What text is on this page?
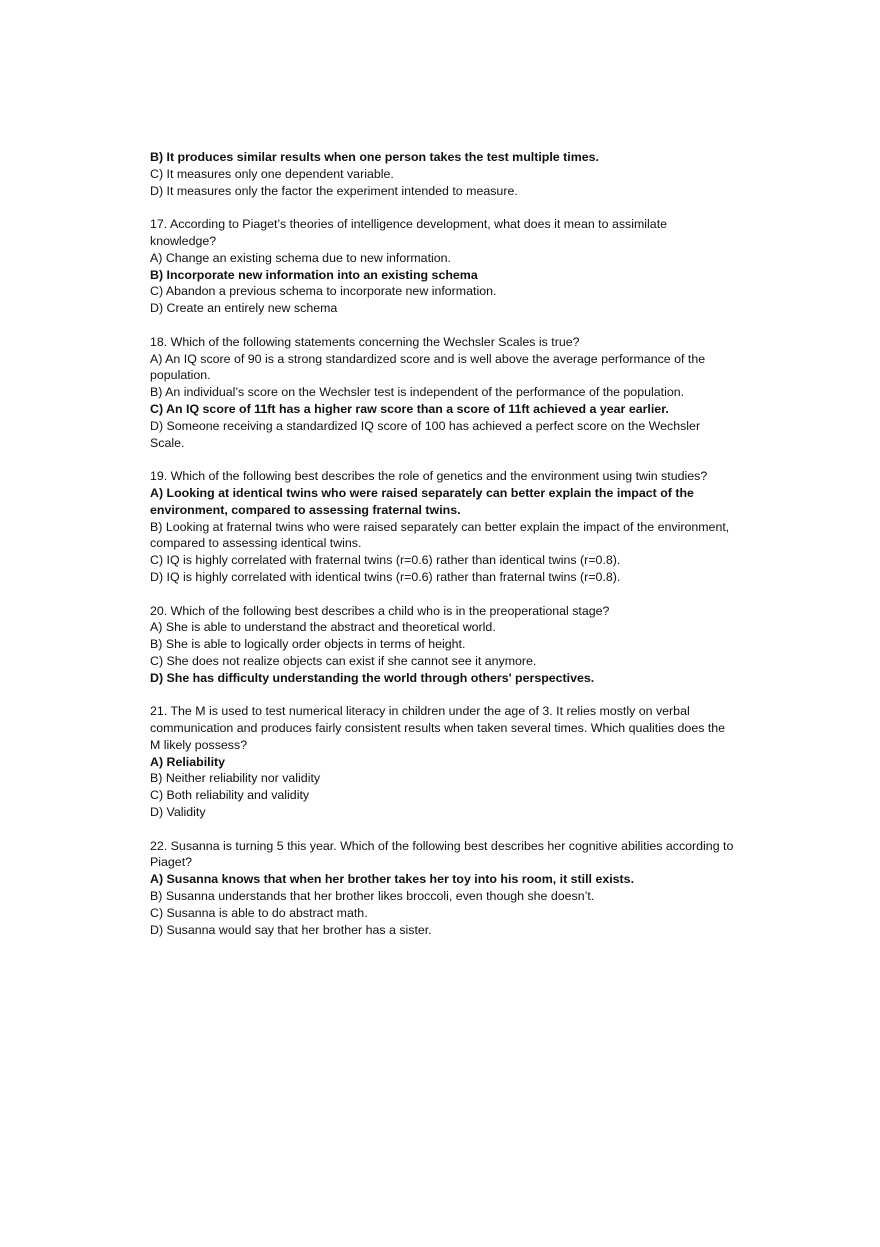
B) It produces similar results when one person takes the test multiple times.
C) It measures only one dependent variable.
D) It measures only the factor the experiment intended to measure.
17. According to Piaget’s theories of intelligence development, what does it mean to assimilate knowledge?
A) Change an existing schema due to new information.
B) Incorporate new information into an existing schema
C) Abandon a previous schema to incorporate new information.
D) Create an entirely new schema
18. Which of the following statements concerning the Wechsler Scales is true?
A) An IQ score of 90 is a strong standardized score and is well above the average performance of the population.
B) An individual’s score on the Wechsler test is independent of the performance of the population.
C) An IQ score of 11ft has a higher raw score than a score of 11ft achieved a year earlier.
D) Someone receiving a standardized IQ score of 100 has achieved a perfect score on the Wechsler Scale.
19. Which of the following best describes the role of genetics and the environment using twin studies?
A) Looking at identical twins who were raised separately can better explain the impact of the environment, compared to assessing fraternal twins.
B) Looking at fraternal twins who were raised separately can better explain the impact of the environment, compared to assessing identical twins.
C) IQ is highly correlated with fraternal twins (r=0.6) rather than identical twins (r=0.8).
D) IQ is highly correlated with identical twins (r=0.6) rather than fraternal twins (r=0.8).
20. Which of the following best describes a child who is in the preoperational stage?
A) She is able to understand the abstract and theoretical world.
B) She is able to logically order objects in terms of height.
C) She does not realize objects can exist if she cannot see it anymore.
D) She has difﬁculty understanding the world through others' perspectives.
21. The M is used to test numerical literacy in children under the age of 3. It relies mostly on verbal communication and produces fairly consistent results when taken several times. Which qualities does the M likely possess?
A) Reliability
B) Neither reliability nor validity
C) Both reliability and validity
D) Validity
22. Susanna is turning 5 this year. Which of the following best describes her cognitive abilities according to Piaget?
A) Susanna knows that when her brother takes her toy into his room, it still exists.
B) Susanna understands that her brother likes broccoli, even though she doesn’t.
C) Susanna is able to do abstract math.
D) Susanna would say that her brother has a sister.
